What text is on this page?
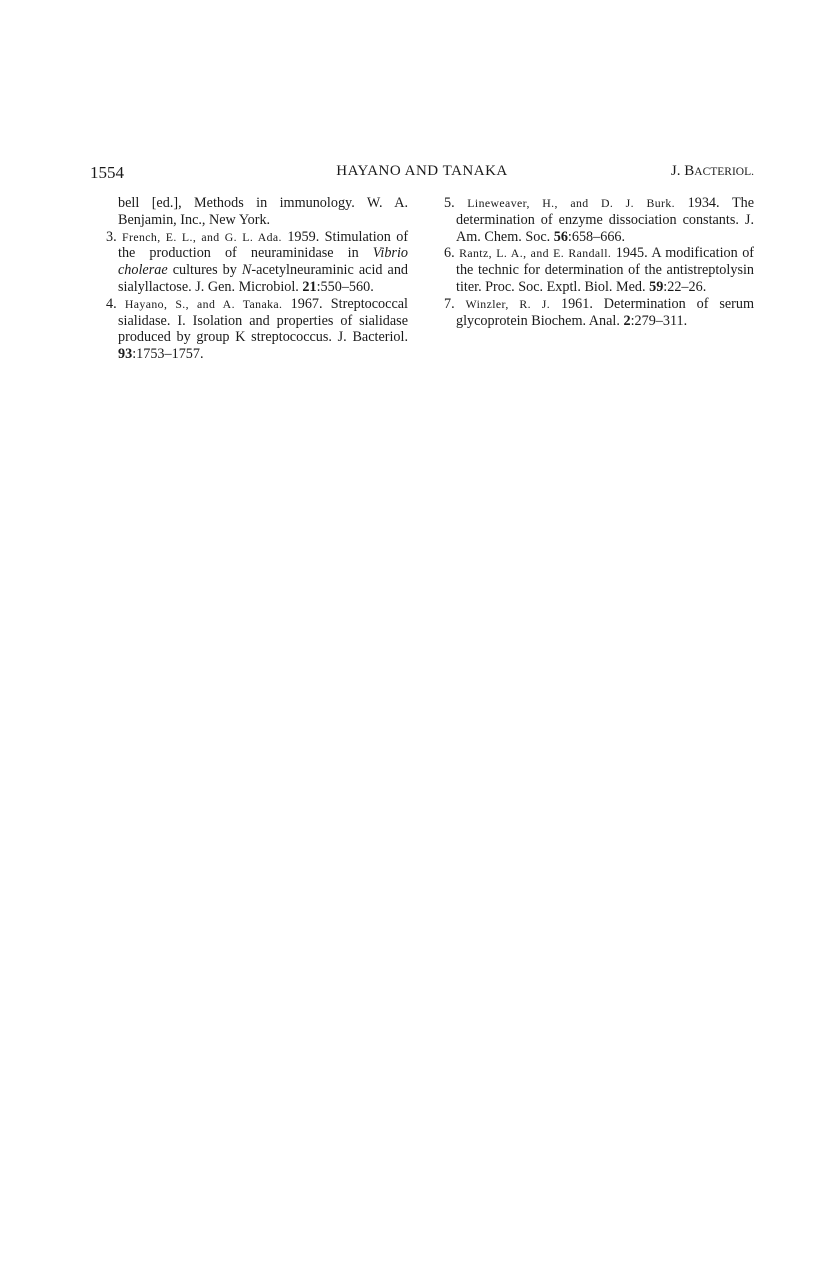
1554	HAYANO AND TANAKA	J. BACTERIOL.

bell [ed.], Methods in immunology. W. A. Benjamin, Inc., New York.

3. French, E. L., and G. L. Ada. 1959. Stimulation of the production of neuraminidase in Vibrio cholerae cultures by N-acetylneuraminic acid and sialyllactose. J. Gen. Microbiol. 21:550–560.

4. Hayano, S., and A. Tanaka. 1967. Streptococcal sialidase. I. Isolation and properties of sialidase produced by group K streptococcus. J. Bacteriol. 93:1753–1757.

5. Lineweaver, H., and D. J. Burk. 1934. The determination of enzyme dissociation constants. J. Am. Chem. Soc. 56:658–666.

6. Rantz, L. A., and E. Randall. 1945. A modification of the technic for determination of the antistreptolysin titer. Proc. Soc. Exptl. Biol. Med. 59:22–26.

7. Winzler, R. J. 1961. Determination of serum glycoprotein Biochem. Anal. 2:279–311.
